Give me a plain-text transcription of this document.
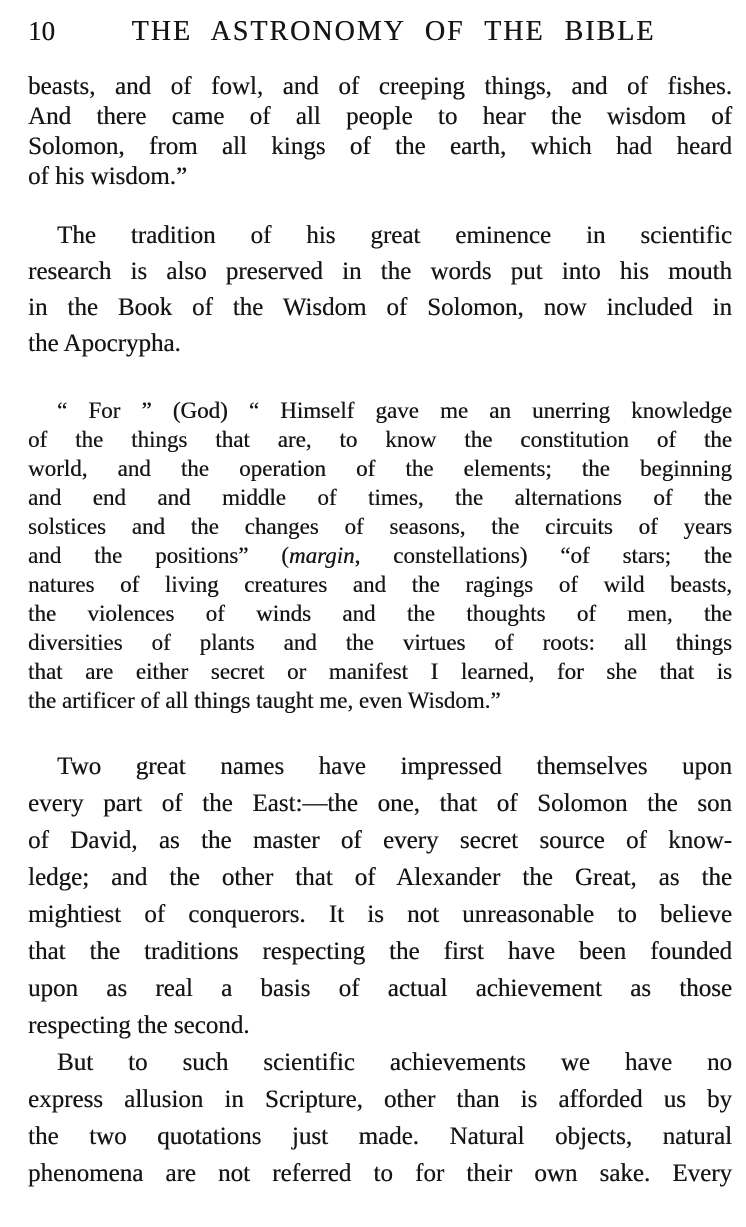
10	THE ASTRONOMY OF THE BIBLE
beasts, and of fowl, and of creeping things, and of fishes.
And there came of all people to hear the wisdom of
Solomon, from all kings of the earth, which had heard
of his wisdom.”
The tradition of his great eminence in scientific
research is also preserved in the words put into his mouth
in the Book of the Wisdom of Solomon, now included in
the Apocrypha.
“ For ” (God) “ Himself gave me an unerring knowledge
of the things that are, to know the constitution of the
world, and the operation of the elements; the beginning
and end and middle of times, the alternations of the
solstices and the changes of seasons, the circuits of years
and the positions” (margin, constellations) “of stars; the
natures of living creatures and the ragings of wild beasts,
the violences of winds and the thoughts of men, the
diversities of plants and the virtues of roots: all things
that are either secret or manifest I learned, for she that is
the artificer of all things taught me, even Wisdom.”
Two great names have impressed themselves upon
every part of the East:—the one, that of Solomon the son
of David, as the master of every secret source of know-
ledge; and the other that of Alexander the Great, as the
mightiest of conquerors. It is not unreasonable to believe
that the traditions respecting the first have been founded
upon as real a basis of actual achievement as those
respecting the second.
But to such scientific achievements we have no
express allusion in Scripture, other than is afforded us by
the two quotations just made. Natural objects, natural
phenomena are not referred to for their own sake. Every
